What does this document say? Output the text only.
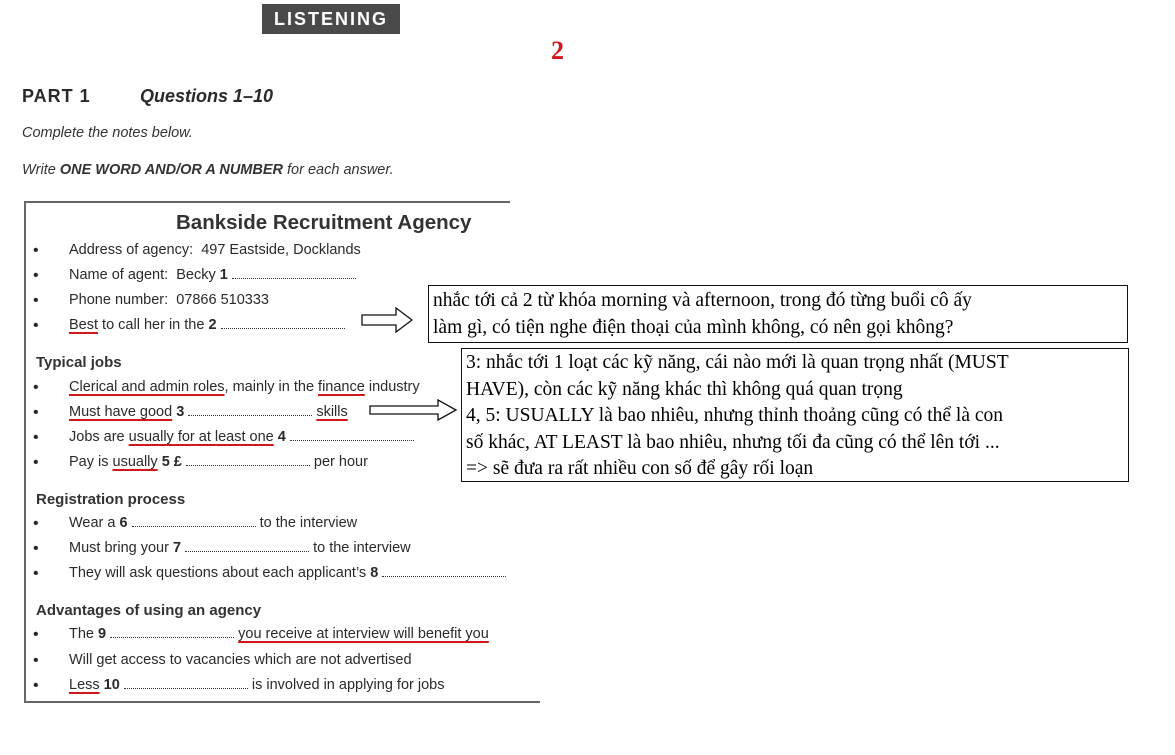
LISTENING
2
PART 1	Questions 1–10
Complete the notes below.
Write ONE WORD AND/OR A NUMBER for each answer.
Bankside Recruitment Agency
• Address of agency: 497 Eastside, Docklands
• Name of agent: Becky 1
• Phone number: 07866 510333
• Best to call her in the 2
Typical jobs
• Clerical and admin roles, mainly in the finance industry
• Must have good 3	skills
• Jobs are usually for at least one 4
• Pay is usually 5 £	per hour
Registration process
• Wear a 6	to the interview
• Must bring your 7	to the interview
• They will ask questions about each applicant’s 8
Advantages of using an agency
• The 9	you receive at interview will benefit you
• Will get access to vacancies which are not advertised
• Less 10	is involved in applying for jobs
nhắc tới cả 2 từ khóa morning và afternoon, trong đó từng buổi cô ấy
làm gì, có tiện nghe điện thoại của mình không, có nên gọi không?
3: nhắc tới 1 loạt các kỹ năng, cái nào mới là quan trọng nhất (MUST
HAVE), còn các kỹ năng khác thì không quá quan trọng
4, 5: USUALLY là bao nhiêu, nhưng thỉnh thoảng cũng có thể là con
số khác, AT LEAST là bao nhiêu, nhưng tối đa cũng có thể lên tới ...
=> sẽ đưa ra rất nhiều con số để gây rối loạn
